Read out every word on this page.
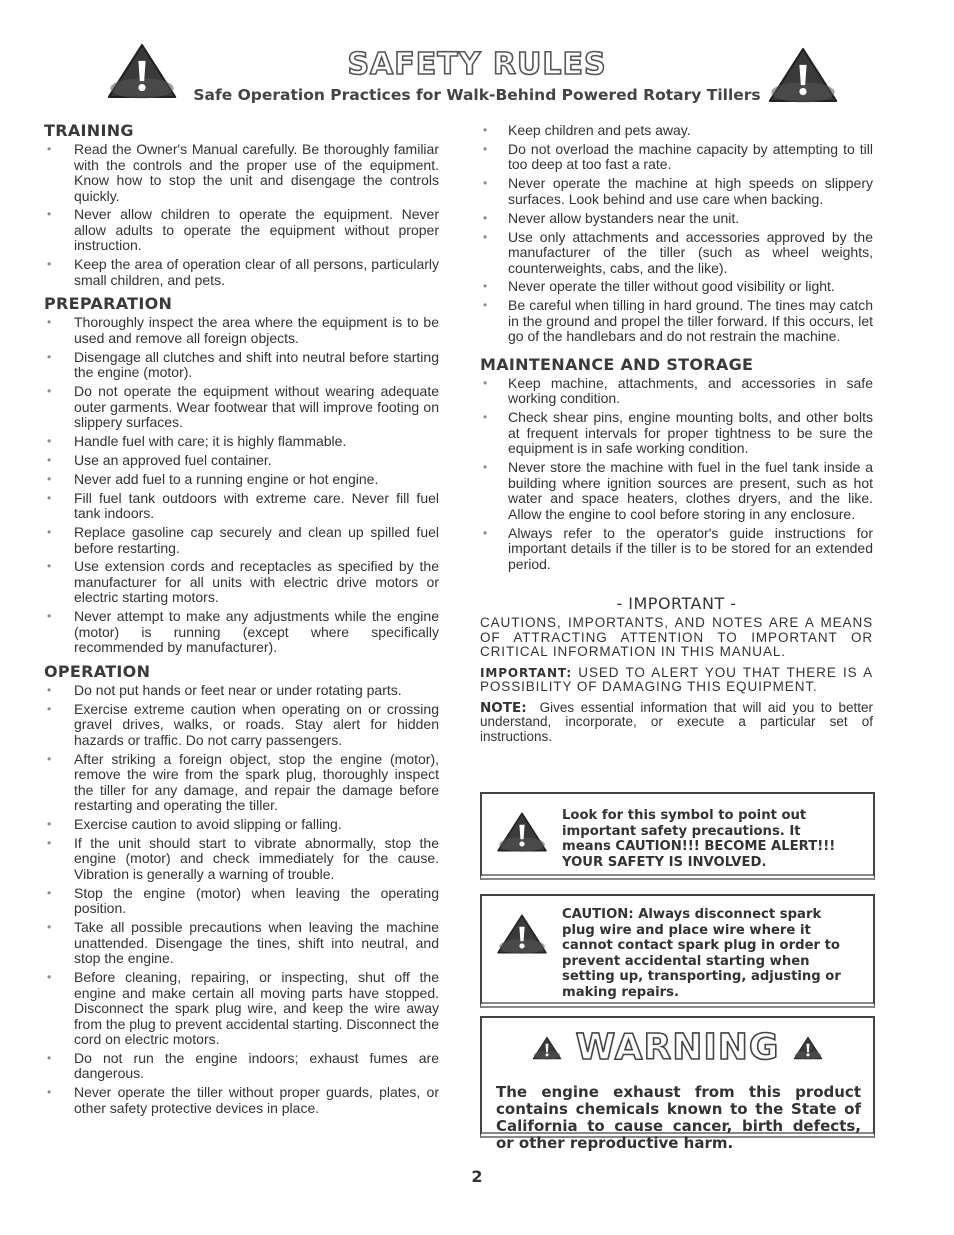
SAFETY RULES
Safe Operation Practices for Walk-Behind Powered Rotary Tillers
TRAINING
• Read the Owner's Manual carefully. Be thoroughly familiar with the controls and the proper use of the equipment. Know how to stop the unit and disengage the controls quickly.
• Never allow children to operate the equipment. Never allow adults to operate the equipment without proper instruction.
• Keep the area of operation clear of all persons, particularly small children, and pets.
PREPARATION
• Thoroughly inspect the area where the equipment is to be used and remove all foreign objects.
• Disengage all clutches and shift into neutral before starting the engine (motor).
• Do not operate the equipment without wearing adequate outer garments. Wear footwear that will improve footing on slippery surfaces.
• Handle fuel with care; it is highly flammable.
• Use an approved fuel container.
• Never add fuel to a running engine or hot engine.
• Fill fuel tank outdoors with extreme care. Never fill fuel tank indoors.
• Replace gasoline cap securely and clean up spilled fuel before restarting.
• Use extension cords and receptacles as specified by the manufacturer for all units with electric drive motors or electric starting motors.
• Never attempt to make any adjustments while the engine (motor) is running (except where specifically recommended by manufacturer).
OPERATION
• Do not put hands or feet near or under rotating parts.
• Exercise extreme caution when operating on or crossing gravel drives, walks, or roads. Stay alert for hidden hazards or traffic. Do not carry passengers.
• After striking a foreign object, stop the engine (motor), remove the wire from the spark plug, thoroughly inspect the tiller for any damage, and repair the damage before restarting and operating the tiller.
• Exercise caution to avoid slipping or falling.
• If the unit should start to vibrate abnormally, stop the engine (motor) and check immediately for the cause. Vibration is generally a warning of trouble.
• Stop the engine (motor) when leaving the operating position.
• Take all possible precautions when leaving the machine unattended. Disengage the tines, shift into neutral, and stop the engine.
• Before cleaning, repairing, or inspecting, shut off the engine and make certain all moving parts have stopped. Disconnect the spark plug wire, and keep the wire away from the plug to prevent accidental starting. Disconnect the cord on electric motors.
• Do not run the engine indoors; exhaust fumes are dangerous.
• Never operate the tiller without proper guards, plates, or other safety protective devices in place.
• Keep children and pets away.
• Do not overload the machine capacity by attempting to till too deep at too fast a rate.
• Never operate the machine at high speeds on slippery surfaces. Look behind and use care when backing.
• Never allow bystanders near the unit.
• Use only attachments and accessories approved by the manufacturer of the tiller (such as wheel weights, counterweights, cabs, and the like).
• Never operate the tiller without good visibility or light.
• Be careful when tilling in hard ground. The tines may catch in the ground and propel the tiller forward. If this occurs, let go of the handlebars and do not restrain the machine.
MAINTENANCE AND STORAGE
• Keep machine, attachments, and accessories in safe working condition.
• Check shear pins, engine mounting bolts, and other bolts at frequent intervals for proper tightness to be sure the equipment is in safe working condition.
• Never store the machine with fuel in the fuel tank inside a building where ignition sources are present, such as hot water and space heaters, clothes dryers, and the like. Allow the engine to cool before storing in any enclosure.
• Always refer to the operator's guide instructions for important details if the tiller is to be stored for an extended period.
- IMPORTANT -

CAUTIONS, IMPORTANTS, AND NOTES ARE A MEANS OF ATTRACTING ATTENTION TO IMPORTANT OR CRITICAL INFORMATION IN THIS MANUAL.

IMPORTANT: USED TO ALERT YOU THAT THERE IS A POSSIBILITY OF DAMAGING THIS EQUIPMENT.

NOTE: Gives essential information that will aid you to better understand, incorporate, or execute a particular set of instructions.

Look for this symbol to point out important safety precautions. It means CAUTION!!! BECOME ALERT!!! YOUR SAFETY IS INVOLVED.
CAUTION: Always disconnect spark plug wire and place wire where it cannot contact spark plug in order to prevent accidental starting when setting up, transporting, adjusting or making repairs.
WARNING
The engine exhaust from this product contains chemicals known to the State of California to cause cancer, birth defects, or other reproductive harm.
2
